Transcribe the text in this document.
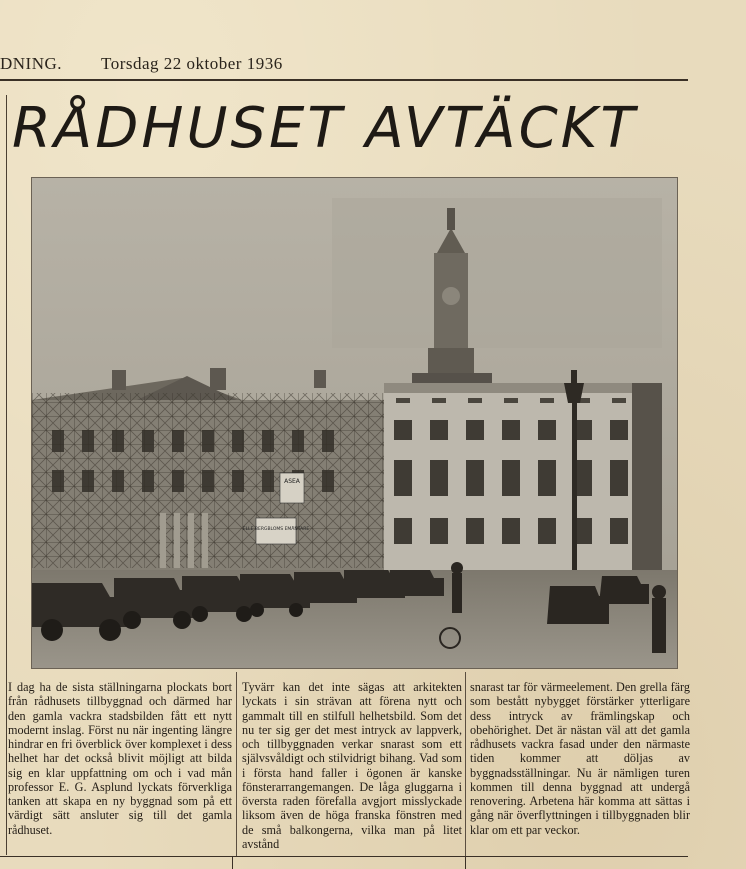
DNING. Torsdag 22 oktober 1936
RÅDHUSET AVTÄCKT
ASEA
ELLE BERGBLOMS EMÄNTARE

I dag ha de sista ställningarna plockats bort från rådhusets tillbyggnad och därmed har den gamla vackra stadsbilden fått ett nytt modernt inslag. Först nu när ingenting längre hindrar en fri överblick över komplexet i dess helhet har det också blivit möjligt att bilda sig en klar uppfattning om och i vad mån professor E. G. Asplund lyckats förverkliga tanken att skapa en ny byggnad som på ett värdigt sätt ansluter sig till det gamla rådhuset.

Tyvärr kan det inte sägas att arkitekten lyckats i sin strävan att förena nytt och gammalt till en stilfull helhetsbild. Som det nu ter sig ger det mest intryck av lappverk, och tillbyggnaden verkar snarast som ett självsvåldigt och stilvidrigt bihang. Vad som i första hand faller i ögonen är kanske fönsterarrangemangen. De låga gluggarna i översta raden förefalla avgjort misslyckade liksom även de höga franska fönstren med de små balkongerna, vilka man på litet avstånd

snarast tar för värmeelement. Den grella färg som bestått nybygget förstärker ytterligare dess intryck av främlingskap och obehörighet. Det är nästan väl att det gamla rådhusets vackra fasad under den närmaste tiden kommer att döljas av byggnadsställningar. Nu är nämligen turen kommen till denna byggnad att undergå renovering. Arbetena här komma att sättas i gång när överflyttningen i tillbyggnaden blir klar om ett par veckor.
